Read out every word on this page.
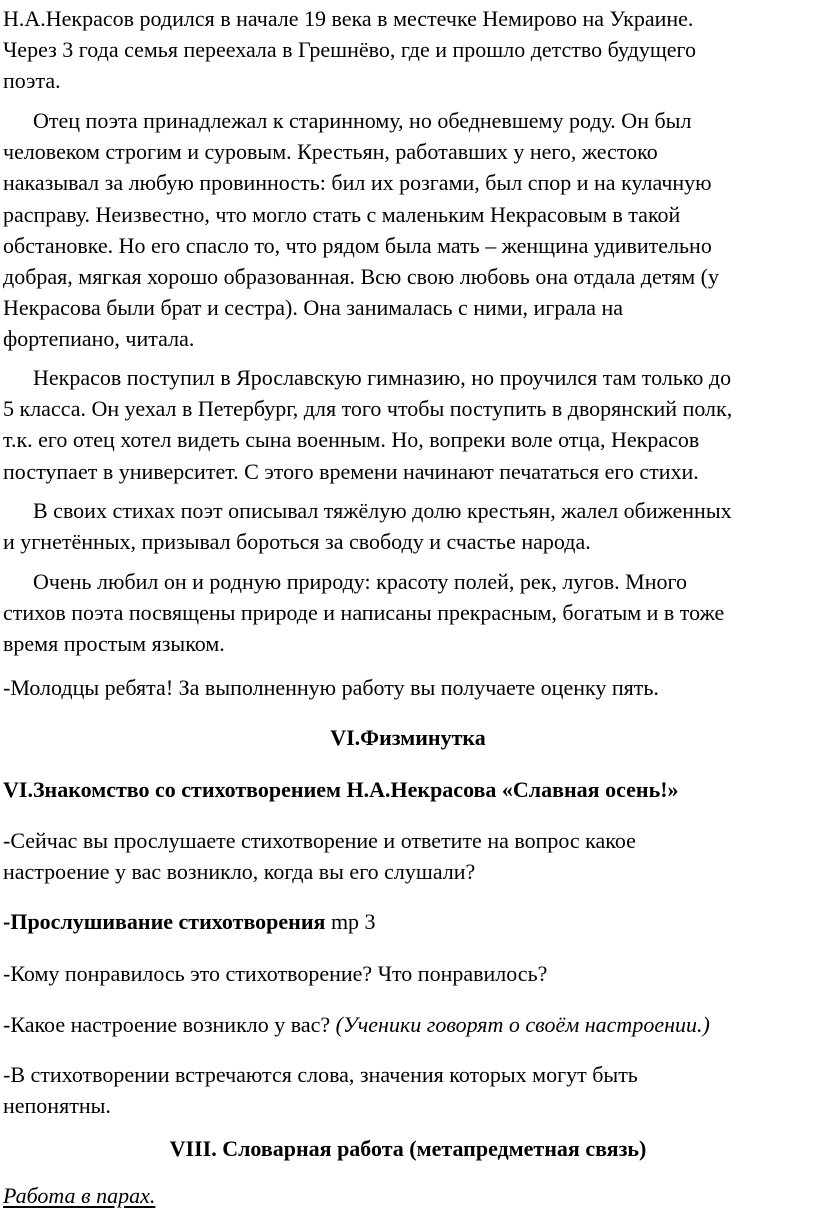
Н.А.Некрасов родился в начале 19 века в местечке Немирово на Украине.
Через 3 года семья переехала в Грешнёво, где и прошло детство будущего
поэта.

Отец поэта принадлежал к старинному, но обедневшему роду. Он был
человеком строгим и суровым. Крестьян, работавших у него, жестоко
наказывал за любую провинность: бил их розгами, был спор и на кулачную
расправу. Неизвестно, что могло стать с маленьким Некрасовым в такой
обстановке. Но его спасло то, что рядом была мать – женщина удивительно
добрая, мягкая хорошо образованная. Всю свою любовь она отдала детям (у
Некрасова были брат и сестра). Она занималась с ними, играла на
фортепиано, читала.

Некрасов поступил в Ярославскую гимназию, но проучился там только до
5 класса. Он уехал в Петербург, для того чтобы поступить в дворянский полк,
т.к. его отец хотел видеть сына военным. Но, вопреки воле отца, Некрасов
поступает в университет. С этого времени начинают печататься его стихи.

В своих стихах поэт описывал тяжёлую долю крестьян, жалел обиженных
и угнетённых, призывал бороться за свободу и счастье народа.

Очень любил он и родную природу: красоту полей, рек, лугов. Много
стихов поэта посвящены природе и написаны прекрасным, богатым и в тоже
время простым языком.

-Молодцы ребята! За выполненную работу вы получаете оценку пять.

VI.Физминутка

VI.Знакомство со стихотворением Н.А.Некрасова «Славная осень!»

-Сейчас вы прослушаете стихотворение и ответите на вопрос какое
настроение у вас возникло, когда вы его слушали?

-Прослушивание стихотворения mp 3

-Кому понравилось это стихотворение? Что понравилось?

-Какое настроение возникло у вас? (Ученики говорят о своём настроении.)

-В стихотворении встречаются слова, значения которых могут быть
непонятны.

VIII. Словарная работа (метапредметная связь)

Работа в парах.
